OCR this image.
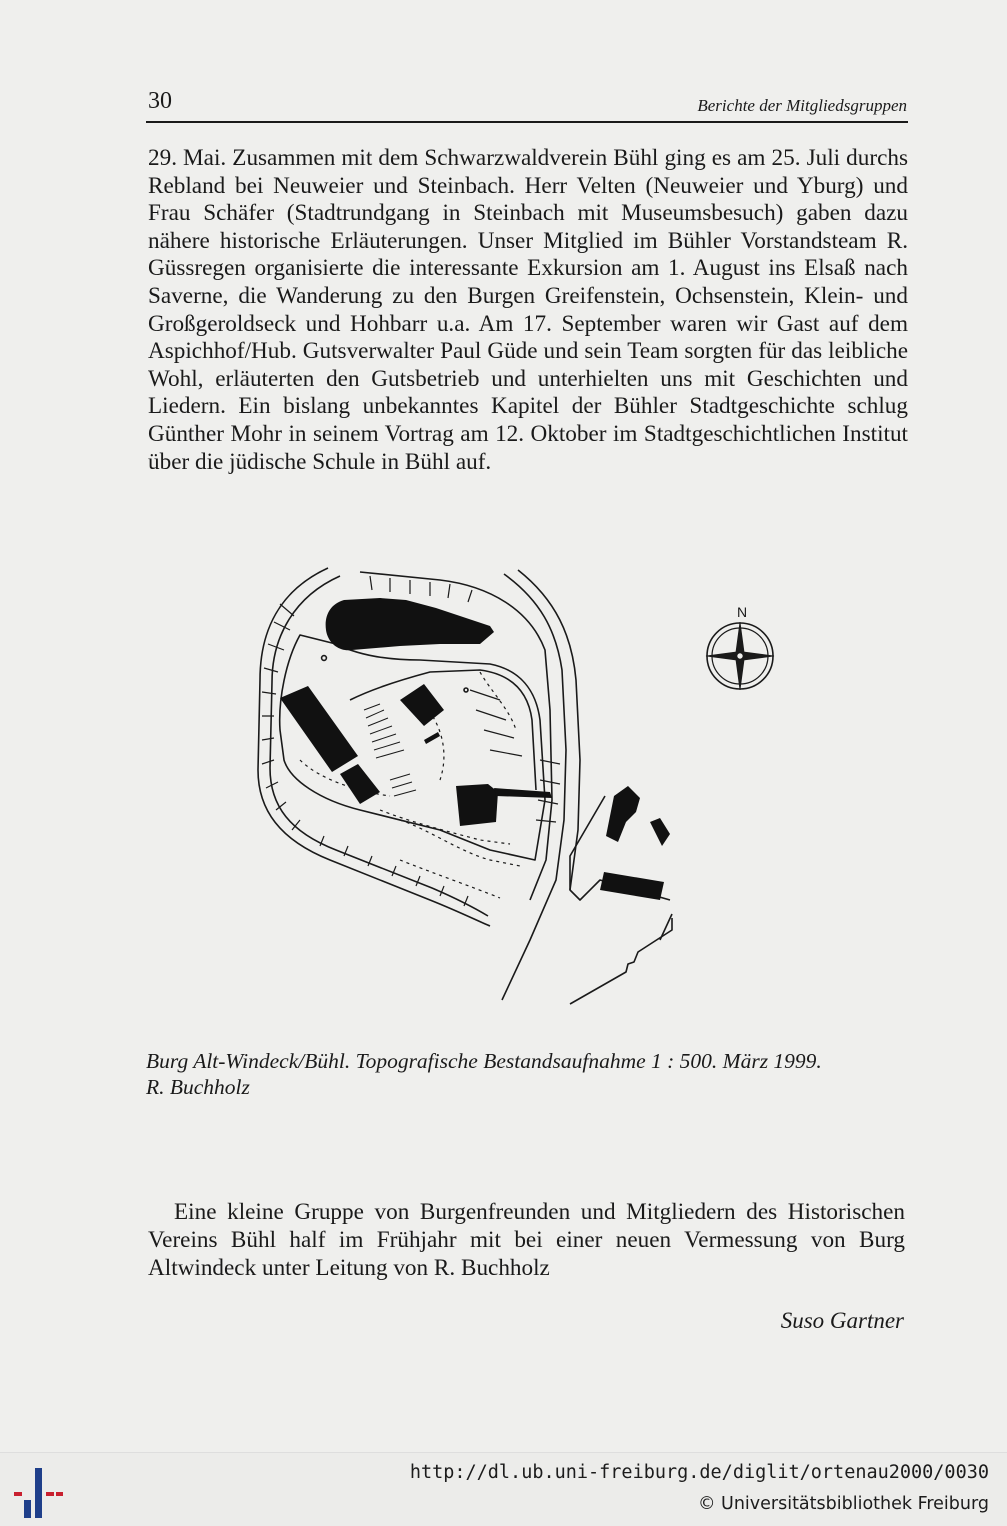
30	Berichte der Mitgliedsgruppen

29. Mai. Zusammen mit dem Schwarzwaldverein Bühl ging es am 25. Juli durchs Rebland bei Neuweier und Steinbach. Herr Velten (Neuweier und Yburg) und Frau Schäfer (Stadtrundgang in Steinbach mit Museumsbesuch) gaben dazu nähere historische Erläuterungen. Unser Mitglied im Bühler Vorstandsteam R. Güssregen organisierte die interessante Exkursion am 1. August ins Elsaß nach Saverne, die Wanderung zu den Burgen Greifenstein, Ochsenstein, Klein- und Großgeroldseck und Hohbarr u.a. Am 17. September waren wir Gast auf dem Aspichhof/Hub. Gutsverwalter Paul Güde und sein Team sorgten für das leibliche Wohl, erläuterten den Gutsbetrieb und unterhielten uns mit Geschichten und Liedern. Ein bislang unbekanntes Kapitel der Bühler Stadtgeschichte schlug Günther Mohr in seinem Vortrag am 12. Oktober im Stadtgeschichtlichen Institut über die jüdische Schule in Bühl auf.

N

Burg Alt-Windeck/Bühl. Topografische Bestandsaufnahme 1 : 500. März 1999.
R. Buchholz

Eine kleine Gruppe von Burgenfreunden und Mitgliedern des Historischen Vereins Bühl half im Frühjahr mit bei einer neuen Vermessung von Burg Altwindeck unter Leitung von R. Buchholz

Suso Gartner
http://dl.ub.uni-freiburg.de/diglit/ortenau2000/0030
© Universitätsbibliothek Freiburg
